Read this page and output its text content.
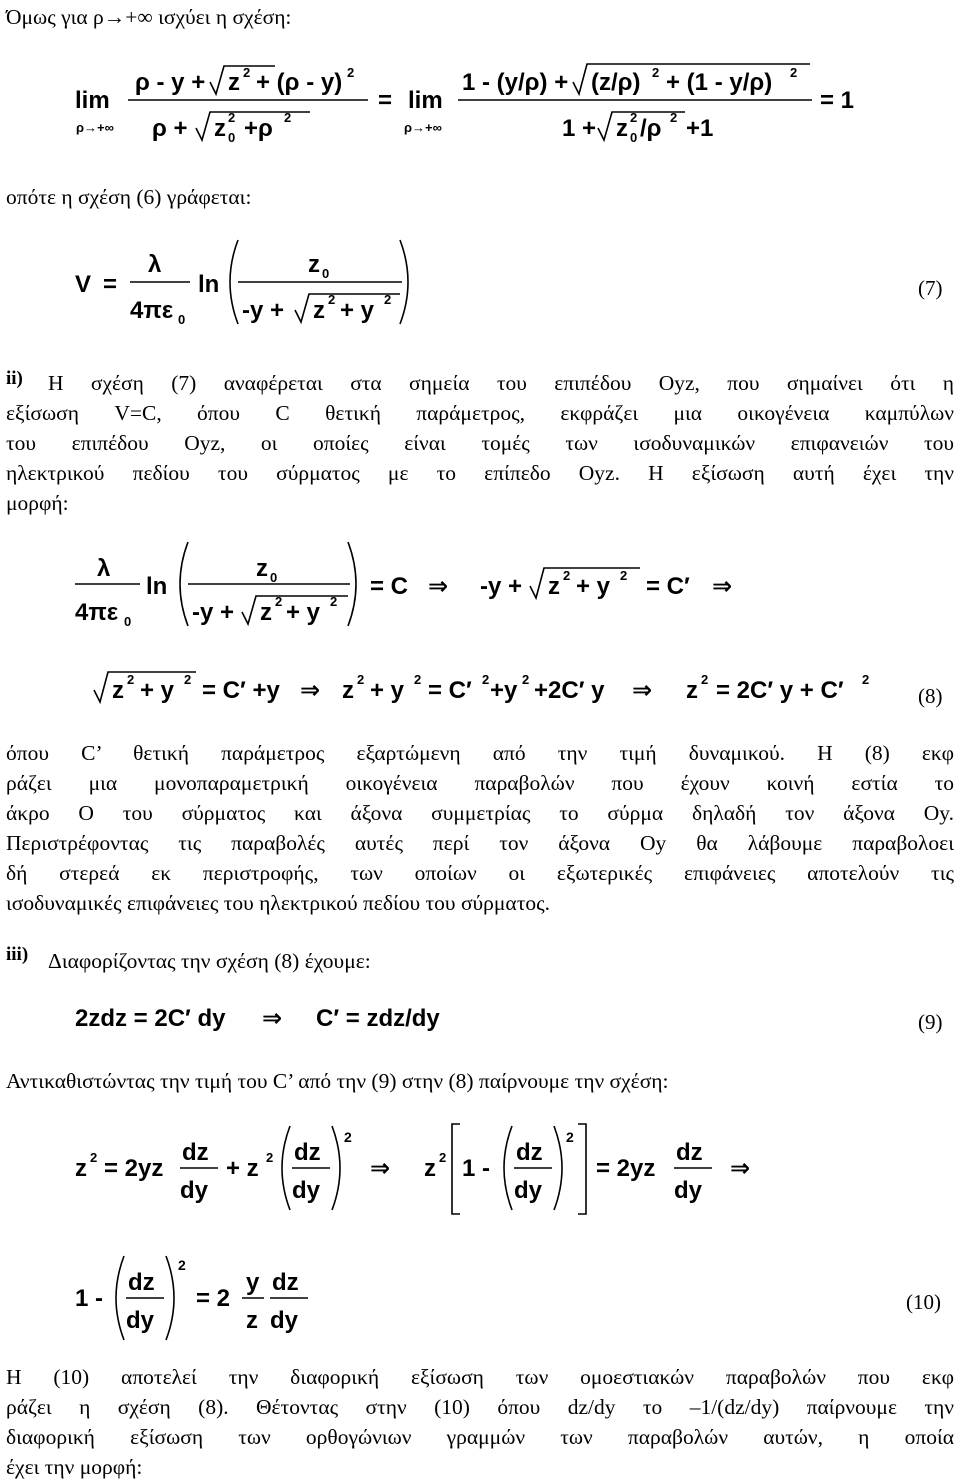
Όμως για ρ→+∞ ισχύει η σχέση:
lim
ρ→+∞
ρ - y + z 2 + (ρ - y) 2
ρ + z 2
0 +ρ 2
= lim
ρ→+∞
1 - (y/ρ) + (z/ρ) 2 + (1 - y/ρ) 2
1 + z 2
0 /ρ 2 +1
= 1
οπότε η σχέση (6) γράφεται:
V =
λ
4πε 0
ln
z 0
-y + z 2 + y 2	(7)
ii)	Η σχέση (7) αναφέρεται στα σημεία του επιπέδου Oyz, που σημαίνει ότι η
εξίσωση V=C, όπου C θετική παράμετρος, εκφράζει μια οικογένεια καμπύλων
του επιπέδου Oyz, οι οποίες είναι τομές των ισοδυναμικών επιφανειών του
ηλεκτρικού πεδίου του σύρματος με το επίπεδο Oyz. Η εξίσωση αυτή έχει την
μορφή:
λ
4πε 0
ln
z 0
-y + z 2 + y 2
= C ⇒ -y + z 2 + y 2 = C′ ⇒
z 2 + y 2 = C′ +y ⇒ z 2 + y 2 = C′ 2 +y 2 +2C′ y ⇒ z 2 = 2C′ y + C′ 2
(8)
όπου C’ θετική παράμετρος εξαρτώμενη από την τιμή δυναμικού. Η (8) εκφ
ράζει μια μονοπαραμετρική οικογένεια παραβολών που έχουν κοινή εστία το
άκρο Ο του σύρματος και άξονα συμμετρίας το σύρμα δηλαδή τον άξονα Oy.
Περιστρέφοντας τις παραβολές αυτές περί τον άξονα Oy θα λάβουμε παραβολοει
δή στερεά εκ περιστροφής, των οποίων οι εξωτερικές επιφάνειες αποτελούν τις
ισοδυναμικές επιφάνειες του ηλεκτρικού πεδίου του σύρματος.
iii) Διαφορίζοντας την σχέση (8) έχουμε:
2zdz = 2C′ dy ⇒ C′ = zdz/dy	(9)
Αντικαθιστώντας την τιμή του C’ από την (9) στην (8) παίρνουμε την σχέση:
z 2 = 2yz
dz
dy
+ z 2 dz
dy
2
⇒ z 2 1 -
dz
dy
2
= 2yz
dz
dy
⇒
1 -
dz
dy
2
= 2
y
z
dz
dy
(10)
Η (10) αποτελεί την διαφορική εξίσωση των ομοεστιακών παραβολών που εκφ
ράζει η σχέση (8). Θέτοντας στην (10) όπου dz/dy το –1/(dz/dy) παίρνουμε την
διαφορική εξίσωση των ορθογώνιων γραμμών των παραβολών αυτών, η οποία
έχει την μορφή:
